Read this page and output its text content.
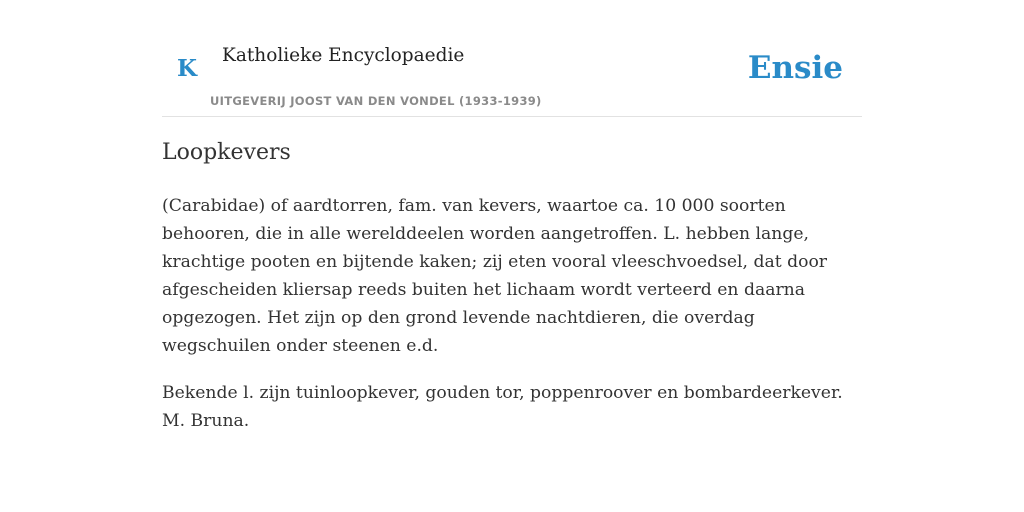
K Katholieke Encyclopaedie
UITGEVERIJ JOOST VAN DEN VONDEL (1933-1939)
Ensie
Loopkevers

(Carabidae) of aardtorren, fam. van kevers, waartoe ca. 10 000 soorten behooren, die in alle werelddeelen worden aangetroffen. L. hebben lange, krachtige pooten en bijtende kaken; zij eten vooral vleeschvoedsel, dat door afgescheiden kliersap reeds buiten het lichaam wordt verteerd en daarna opgezogen. Het zijn op den grond levende nachtdieren, die overdag wegschuilen onder steenen e.d.

Bekende l. zijn tuinloopkever, gouden tor, poppenroover en bombardeerkever. M. Bruna.
